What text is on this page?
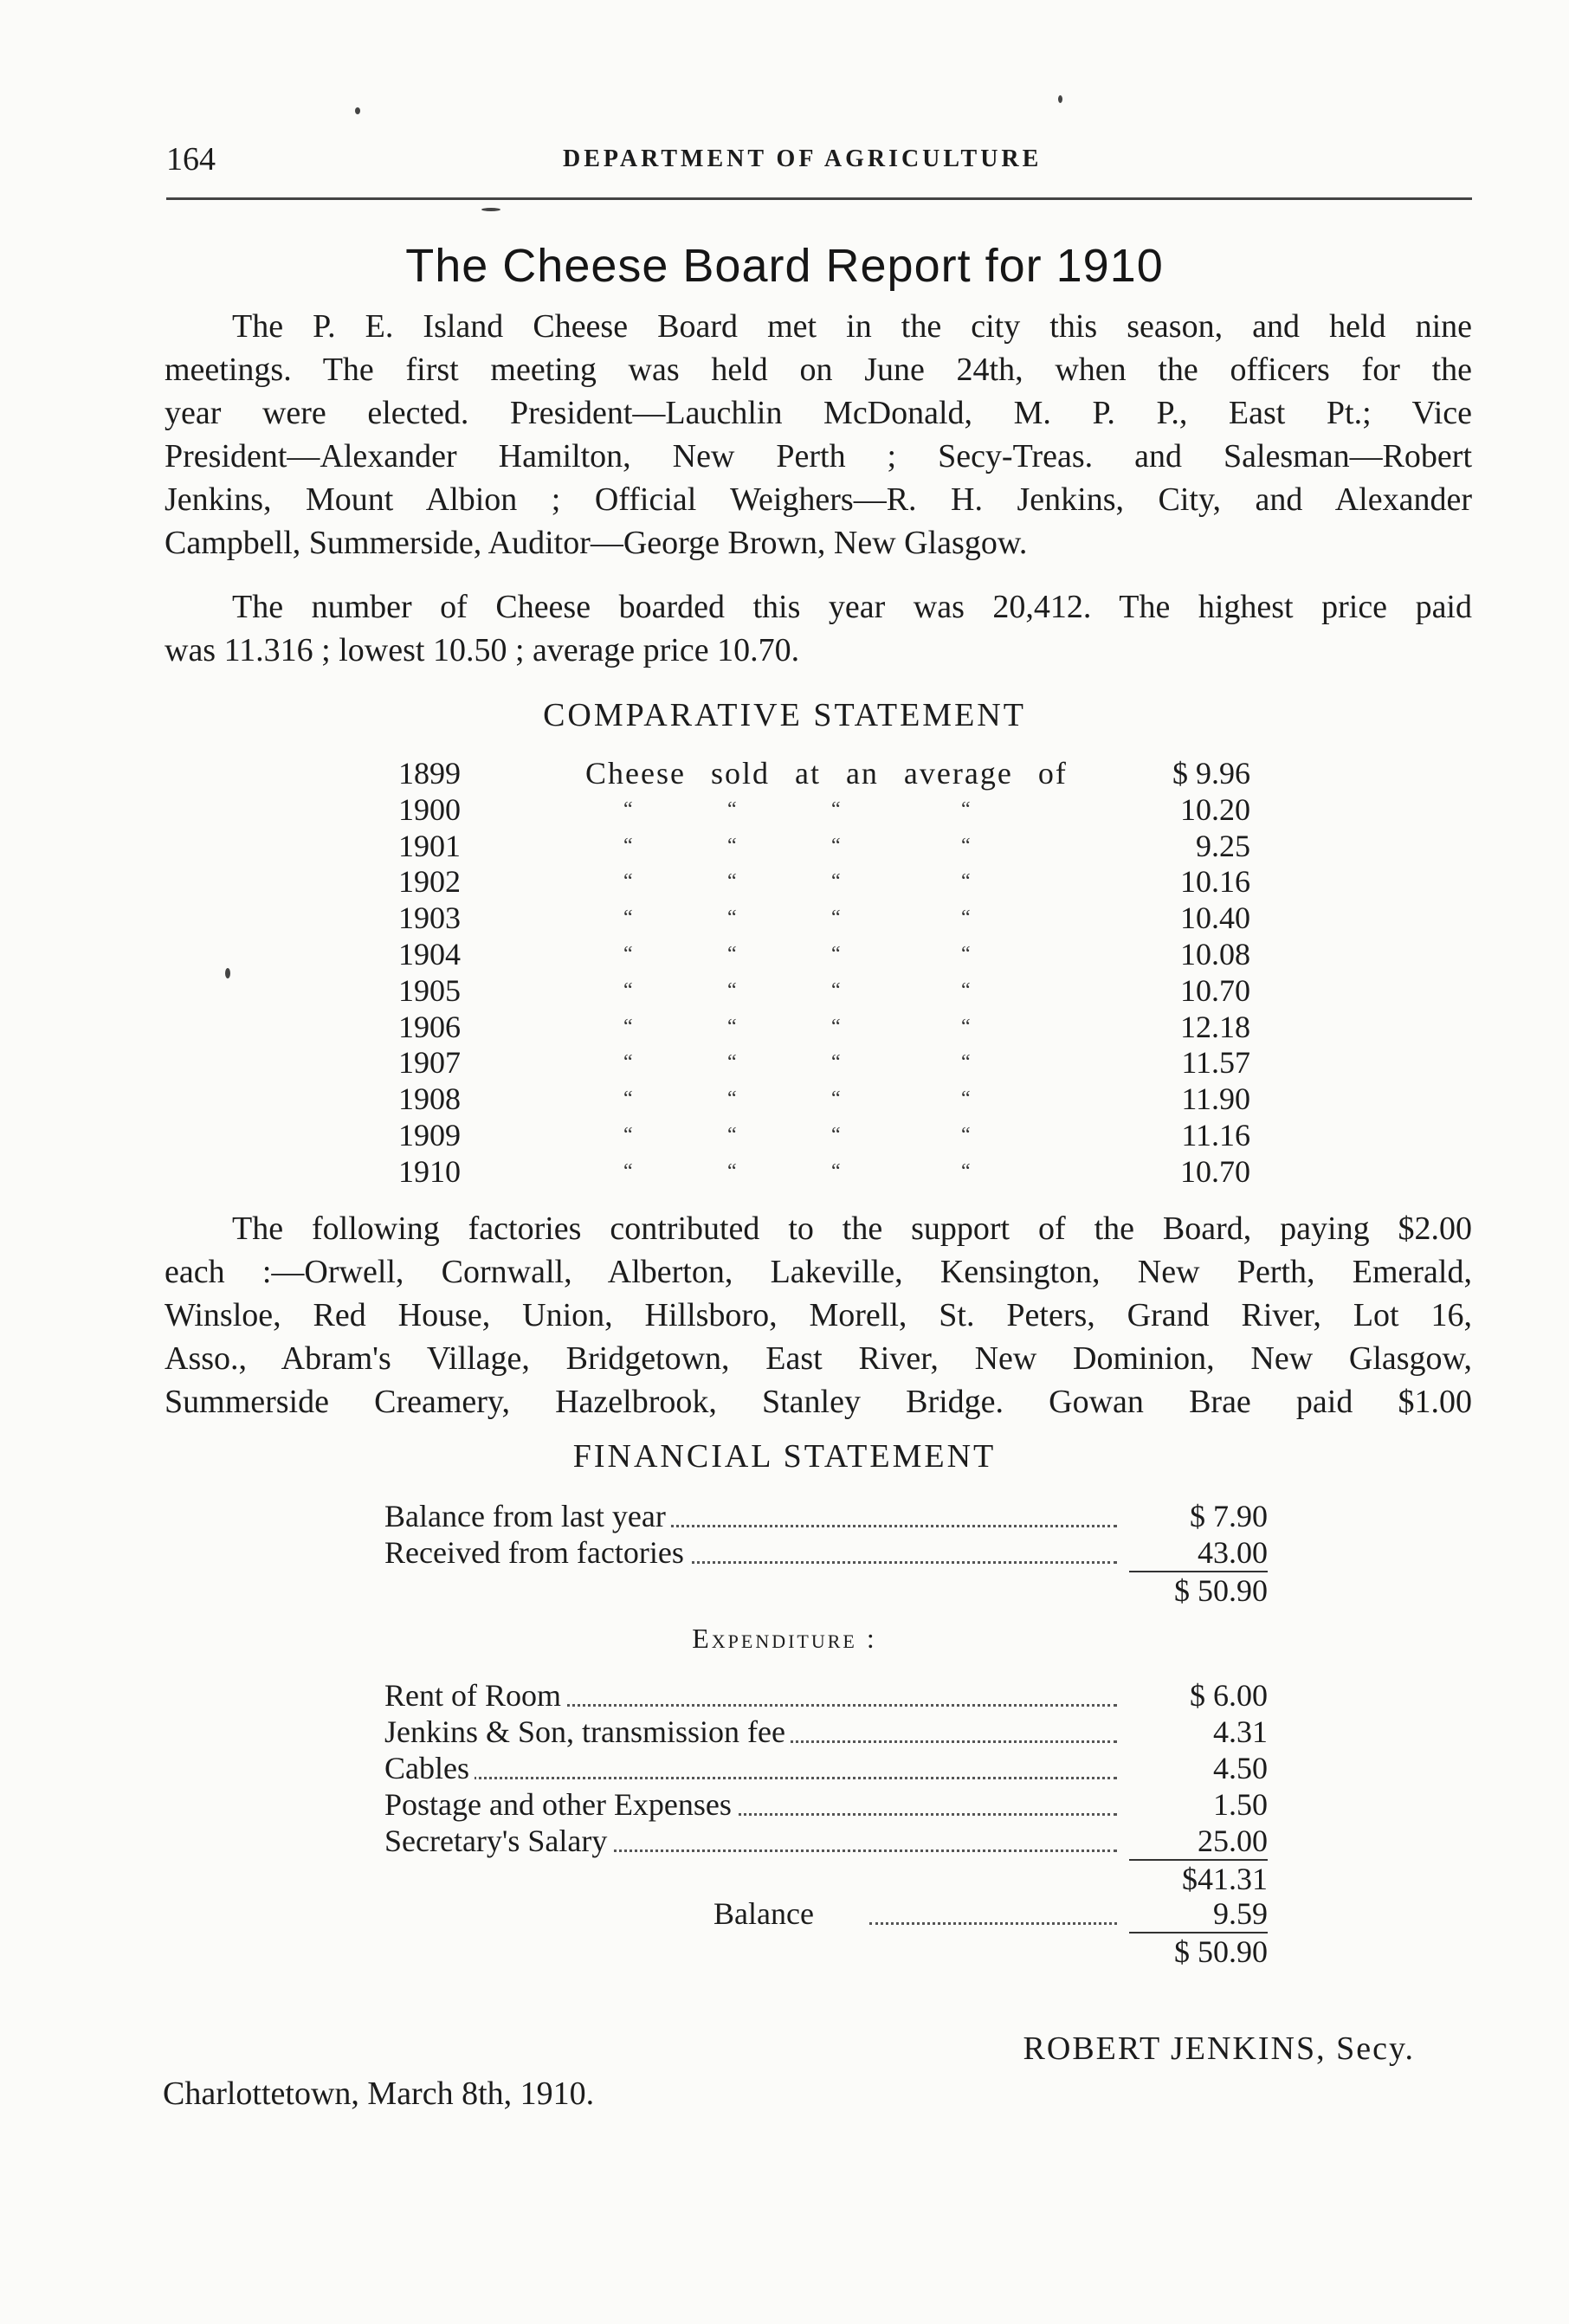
164	DEPARTMENT OF AGRICULTURE
The Cheese Board Report for 1910
The P. E. Island Cheese Board met in the city this season, and held nine
meetings. The first meeting was held on June 24th, when the officers for the
year were elected. President—Lauchlin McDonald, M. P. P., East Pt.; Vice
President—Alexander Hamilton, New Perth ; Secy-Treas. and Salesman—Robert
Jenkins, Mount Albion ; Official Weighers—R. H. Jenkins, City, and Alexander
Campbell, Summerside, Auditor—George Brown, New Glasgow.
The number of Cheese boarded this year was 20,412. The highest price paid
was 11.316 ; lowest 10.50 ; average price 10.70.
COMPARATIVE STATEMENT
1899	Cheese sold at an average of	$ 9.96
1900	“	“	“	“	10.20
1901	“	“	“	“	9.25
1902	“	“	“	“	10.16
1903	“	“	“	“	10.40
1904	“	“	“	“	10.08
1905	“	“	“	“	10.70
1906	“	“	“	“	12.18
1907	“	“	“	“	11.57
1908	“	“	“	“	11.90
1909	“	“	“	“	11.16
1910	“	“	“	“	10.70
The following factories contributed to the support of the Board, paying $2.00
each :—Orwell, Cornwall, Alberton, Lakeville, Kensington, New Perth, Emerald,
Winsloe, Red House, Union, Hillsboro, Morell, St. Peters, Grand River, Lot 16,
Asso., Abram's Village, Bridgetown, East River, New Dominion, New Glasgow,
Summerside Creamery, Hazelbrook, Stanley Bridge. Gowan Brae paid $1.00
FINANCIAL STATEMENT
Balance from last year	$ 7.90
Received from factories	43.00
$ 50.90
Expenditure :
Rent of Room	$ 6.00
Jenkins & Son, transmission fee	4.31
Cables	4.50
Postage and other Expenses	1.50
Secretary's Salary	25.00
$41.31
Balance	9.59
$ 50.90
ROBERT JENKINS, Secy.
Charlottetown, March 8th, 1910.
